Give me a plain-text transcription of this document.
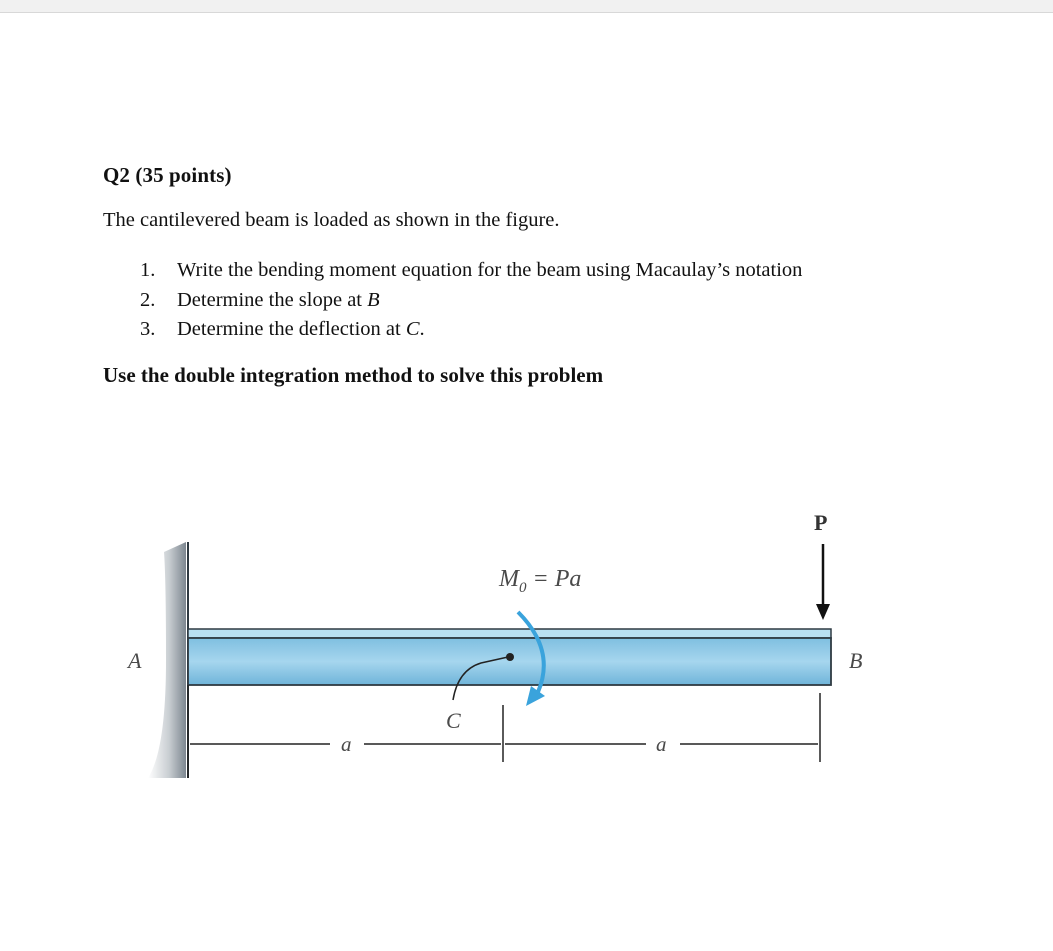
Q2 (35 points)
The cantilevered beam is loaded as shown in the figure.
1.	Write the bending moment equation for the beam using Macaulay’s notation
2.	Determine the slope at B
3.	Determine the deflection at C.
Use the double integration method to solve this problem
A	B
C
P
$M_0 = Pa$
a	a
